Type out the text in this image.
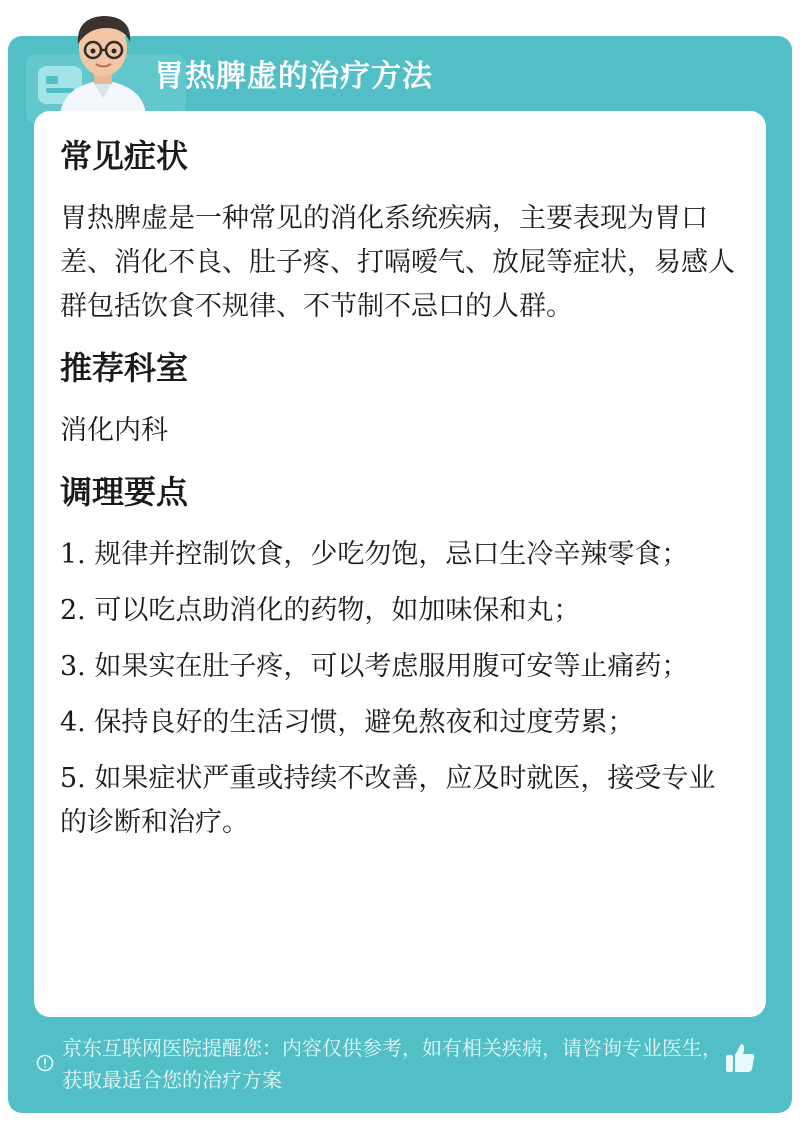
胃热脾虚的治疗方法
常见症状
胃热脾虚是一种常见的消化系统疾病，主要表现为胃口差、消化不良、肚子疼、打嗝嗳气、放屁等症状，易感人群包括饮食不规律、不节制不忌口的人群。
推荐科室
消化内科
调理要点
1. 规律并控制饮食，少吃勿饱，忌口生冷辛辣零食；
2. 可以吃点助消化的药物，如加味保和丸；
3. 如果实在肚子疼，可以考虑服用腹可安等止痛药；
4. 保持良好的生活习惯，避免熬夜和过度劳累；
5. 如果症状严重或持续不改善，应及时就医，接受专业的诊断和治疗。
京东互联网医院提醒您：内容仅供参考，如有相关疾病，请咨询专业医生，获取最适合您的治疗方案
